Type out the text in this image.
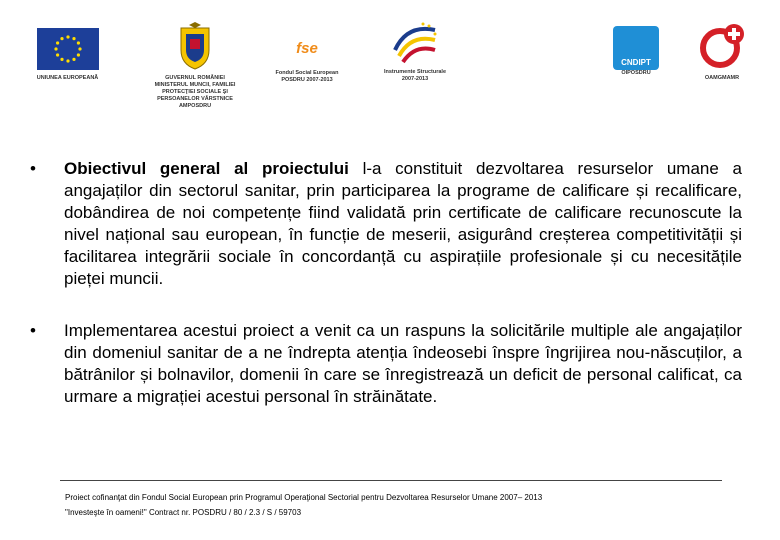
UNIUNEA EUROPEANĂ	GUVERNUL ROMÂNIEI
MINISTERUL MUNCII, FAMILIEI
PROTECŢIEI SOCIALE ŞI
PERSOANELOR VÂRSTNICE
AMPOSDRU
fse
Fondul Social European
POSDRU 2007-2013
Instrumente Structurale
2007-2013
CNDIPT
OIPOSDRU
OAMGMAMR
• Obiectivul general al proiectului l-a constituit dezvoltarea resurselor umane a angajaților din sectorul sanitar, prin participarea la programe de calificare și recalificare, dobândirea de noi competențe fiind validată prin certificate de calificare recunoscute la nivel național sau european, în funcție de meserii, asigurând creșterea competitivității și facilitarea integrării sociale în concordanță cu aspirațiile profesionale și cu necesitățile pieței muncii.
• Implementarea acestui proiect a venit ca un raspuns la solicitările multiple ale angajaților din domeniul sanitar de a ne îndrepta atenția îndeosebi înspre îngrijirea nou-născuților, a bătrânilor și bolnavilor, domenii în care se înregistrează un deficit de personal calificat, ca urmare a migrației acestui personal în străinătate.
Proiect cofinanţat din Fondul Social European prin Programul Operaţional Sectorial pentru Dezvoltarea Resurselor Umane 2007– 2013
"Investeşte în oameni!" Contract nr. POSDRU / 80 / 2.3 / S / 59703
